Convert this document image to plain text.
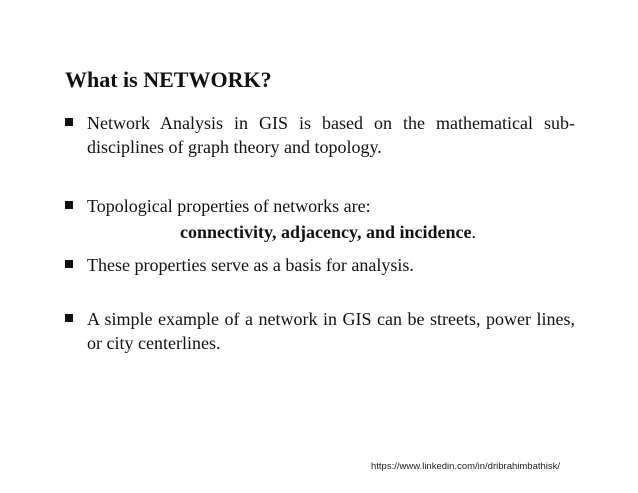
What is NETWORK?
Network Analysis in GIS is based on the mathematical sub-disciplines of graph theory and topology.
Topological properties of networks are:
connectivity, adjacency, and incidence.
These properties serve as a basis for analysis.
A simple example of a network in GIS can be streets, power lines, or city centerlines.
https://www.linkedin.com/in/dribrahimbathisk/
